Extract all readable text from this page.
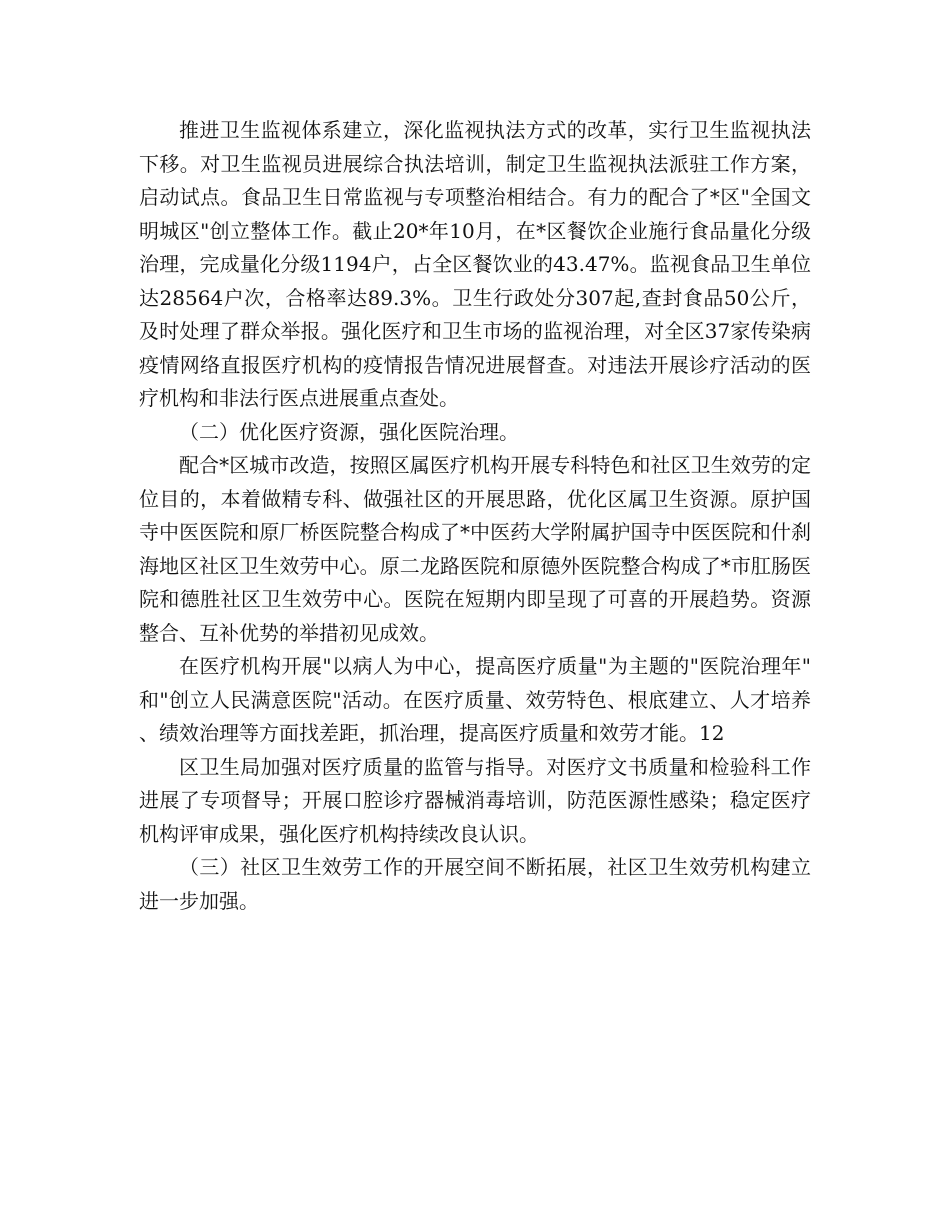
推进卫生监视体系建立，深化监视执法方式的改革，实行卫生监视执法下移。对卫生监视员进展综合执法培训，制定卫生监视执法派驻工作方案，启动试点。食品卫生日常监视与专项整治相结合。有力的配合了*区"全国文明城区"创立整体工作。截止20*年10月，在*区餐饮企业施行食品量化分级治理，完成量化分级1194户，占全区餐饮业的43.47%。监视食品卫生单位达28564户次，合格率达89.3%。卫生行政处分307起,查封食品50公斤，及时处理了群众举报。强化医疗和卫生市场的监视治理，对全区37家传染病疫情网络直报医疗机构的疫情报告情况进展督查。对违法开展诊疗活动的医疗机构和非法行医点进展重点查处。

（二）优化医疗资源，强化医院治理。

配合*区城市改造，按照区属医疗机构开展专科特色和社区卫生效劳的定位目的，本着做精专科、做强社区的开展思路，优化区属卫生资源。原护国寺中医医院和原厂桥医院整合构成了*中医药大学附属护国寺中医医院和什刹海地区社区卫生效劳中心。原二龙路医院和原德外医院整合构成了*市肛肠医院和德胜社区卫生效劳中心。医院在短期内即呈现了可喜的开展趋势。资源整合、互补优势的举措初见成效。

在医疗机构开展"以病人为中心，提高医疗质量"为主题的"医院治理年"和"创立人民满意医院"活动。在医疗质量、效劳特色、根底建立、人才培养、绩效治理等方面找差距，抓治理，提高医疗质量和效劳才能。12

区卫生局加强对医疗质量的监管与指导。对医疗文书质量和检验科工作进展了专项督导；开展口腔诊疗器械消毒培训，防范医源性感染；稳定医疗机构评审成果，强化医疗机构持续改良认识。

（三）社区卫生效劳工作的开展空间不断拓展，社区卫生效劳机构建立进一步加强。
